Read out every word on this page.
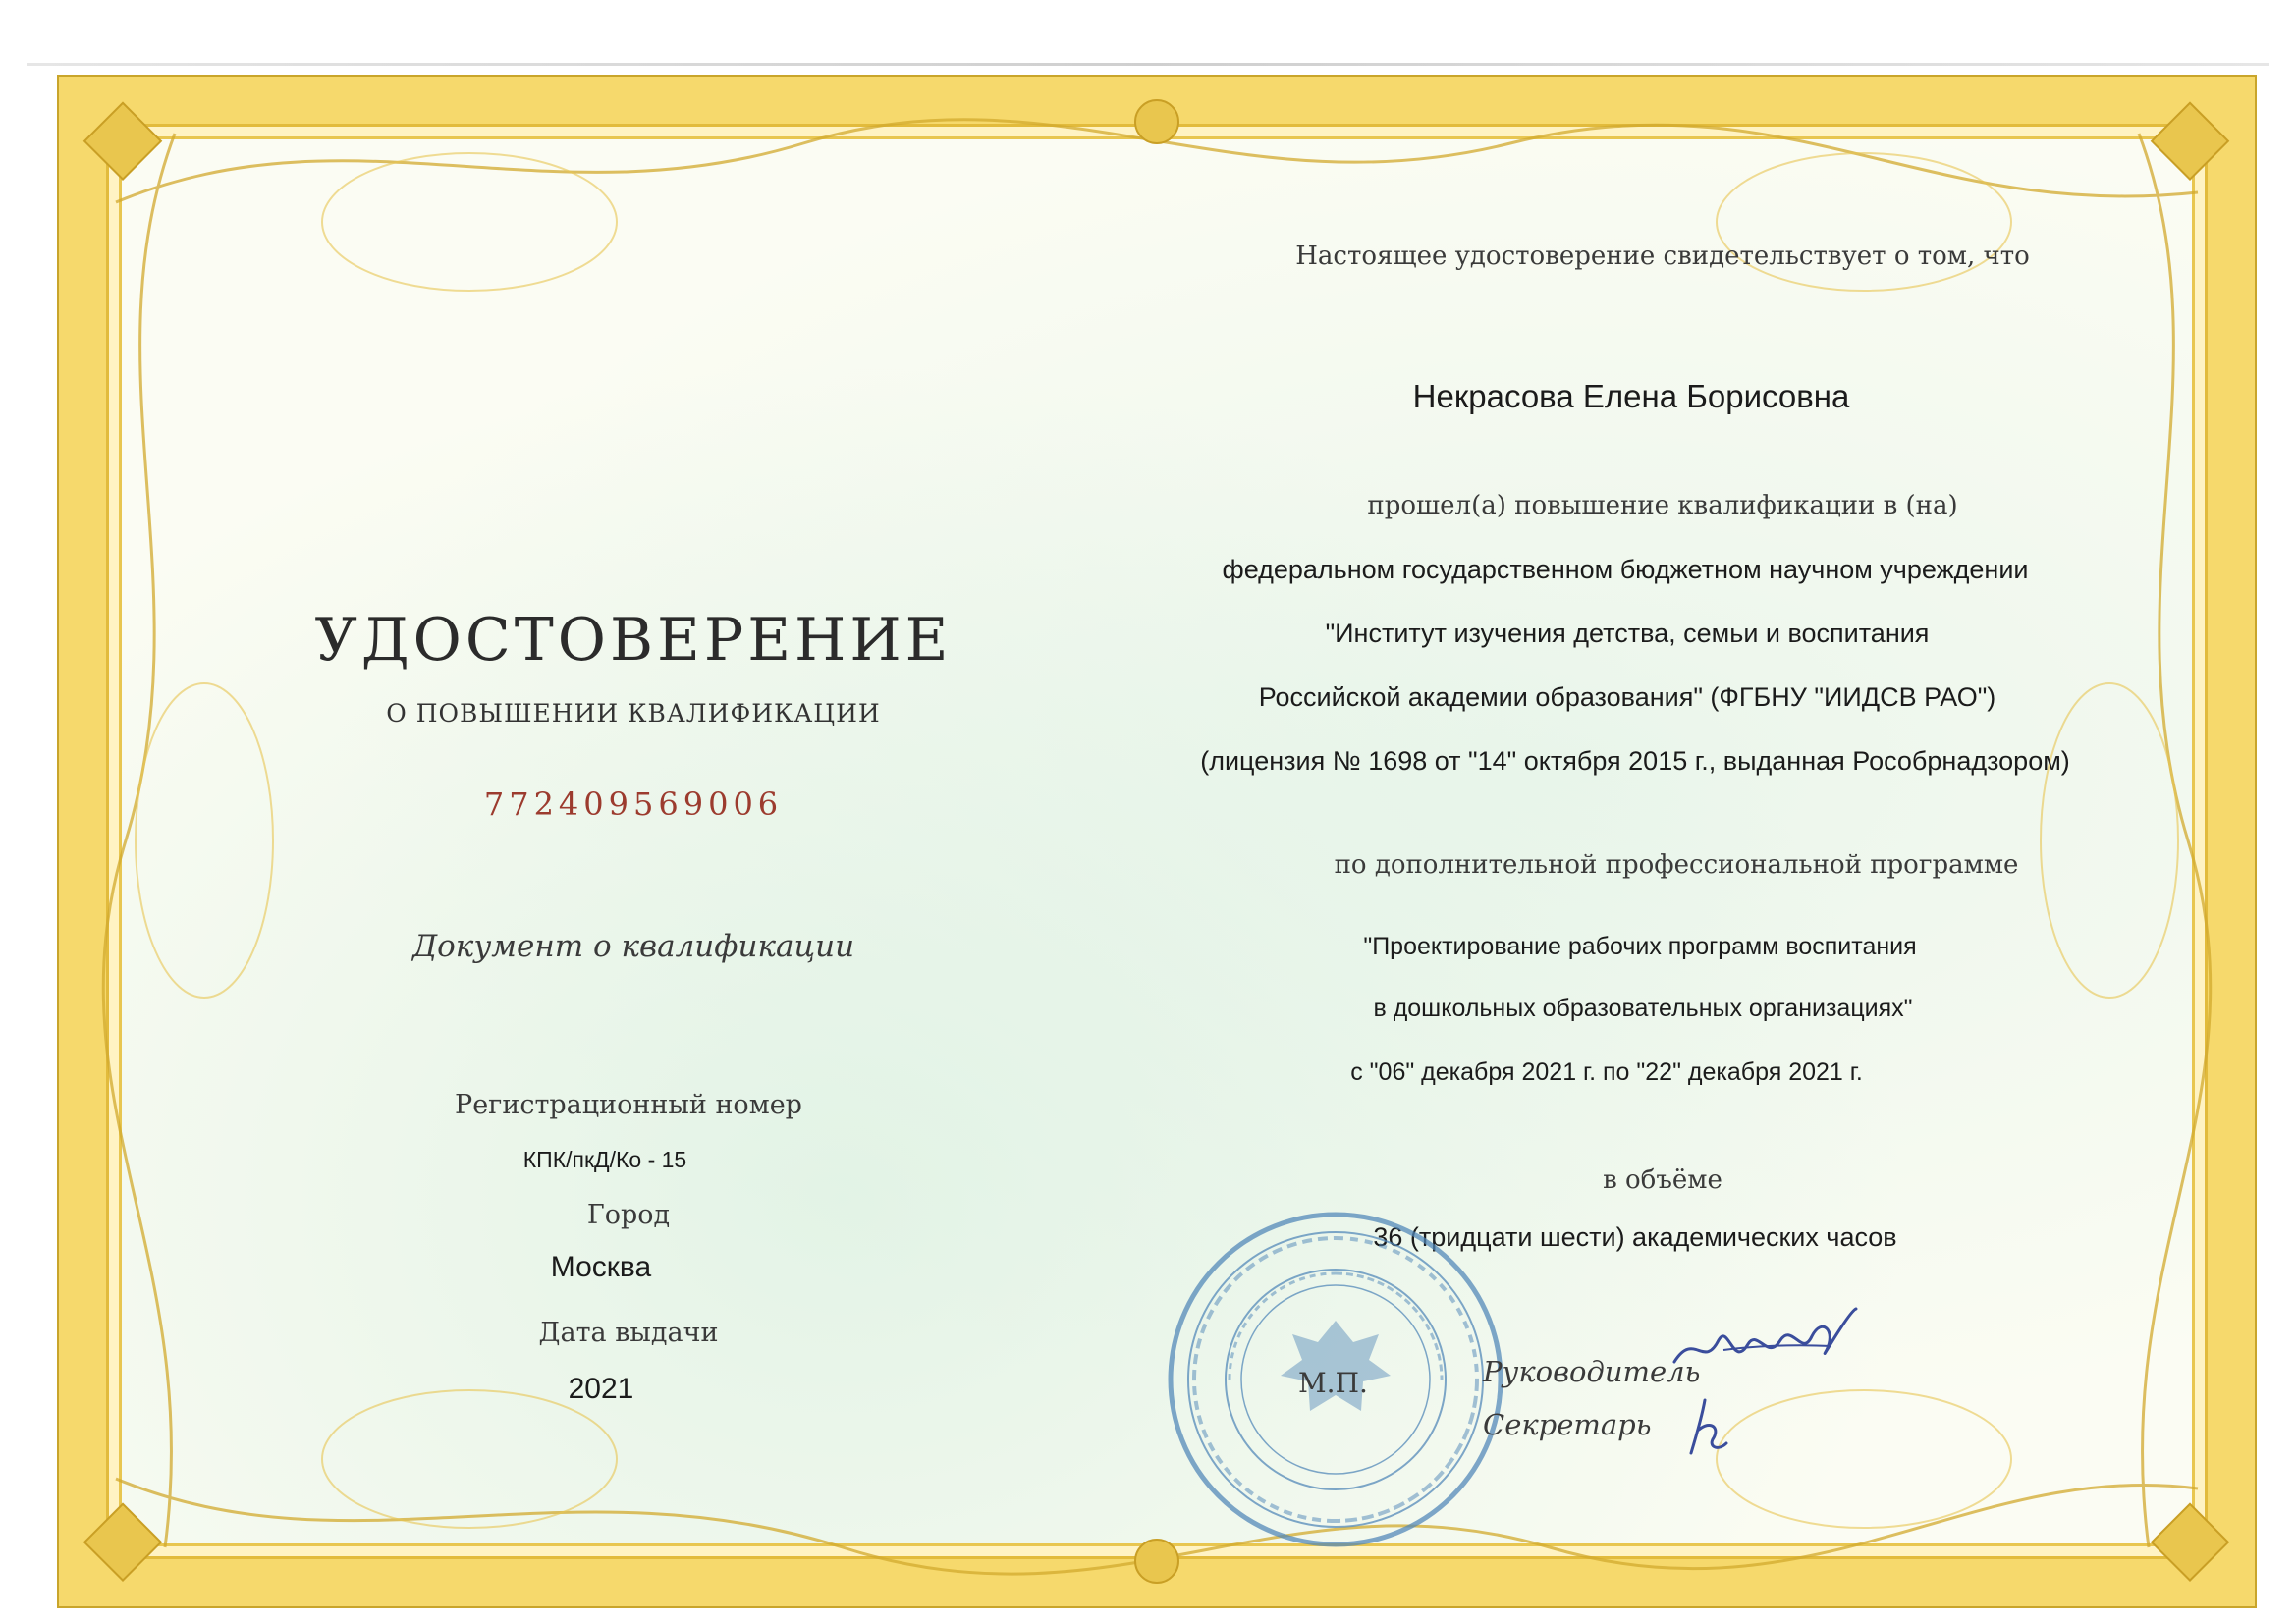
УДОСТОВЕРЕНИЕ
О ПОВЫШЕНИИ КВАЛИФИКАЦИИ
772409569006
Документ о квалификации
Регистрационный номер
КПК/пкД/Ко - 15
Город
Москва
Дата выдачи
2021
Настоящее удостоверение свидетельствует о том, что
Некрасова Елена Борисовна
прошел(а) повышение квалификации в (на)
федеральном государственном бюджетном научном учреждении
"Институт изучения детства, семьи и воспитания
Российской академии образования" (ФГБНУ "ИИДСВ РАО")
(лицензия № 1698 от "14" октября 2015 г., выданная Рособрнадзором)
по дополнительной профессиональной программе
"Проектирование рабочих программ воспитания
в дошкольных образовательных организациях"
с "06" декабря 2021 г. по "22" декабря 2021 г.
в объёме
36 (тридцати шести) академических часов
М.П.	Руководитель
Секретарь
